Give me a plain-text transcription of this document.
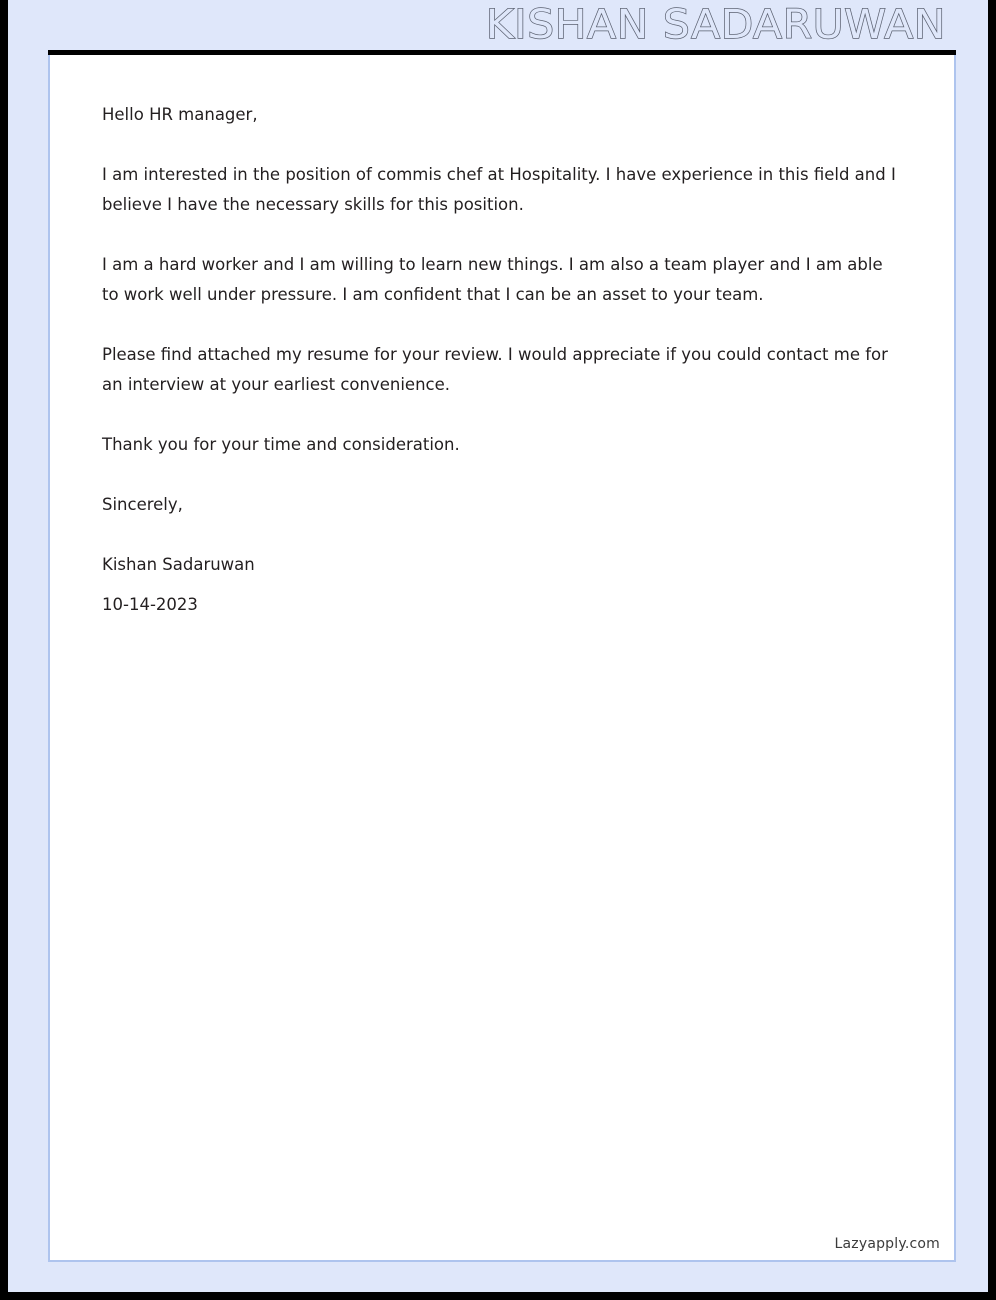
KISHAN SADARUWAN

Hello HR manager,

I am interested in the position of commis chef at Hospitality. I have experience in this field and I believe I have the necessary skills for this position.

I am a hard worker and I am willing to learn new things. I am also a team player and I am able to work well under pressure. I am confident that I can be an asset to your team.

Please find attached my resume for your review. I would appreciate if you could contact me for an interview at your earliest convenience.

Thank you for your time and consideration.

Sincerely,

Kishan Sadaruwan

10-14-2023

Lazyapply.com
